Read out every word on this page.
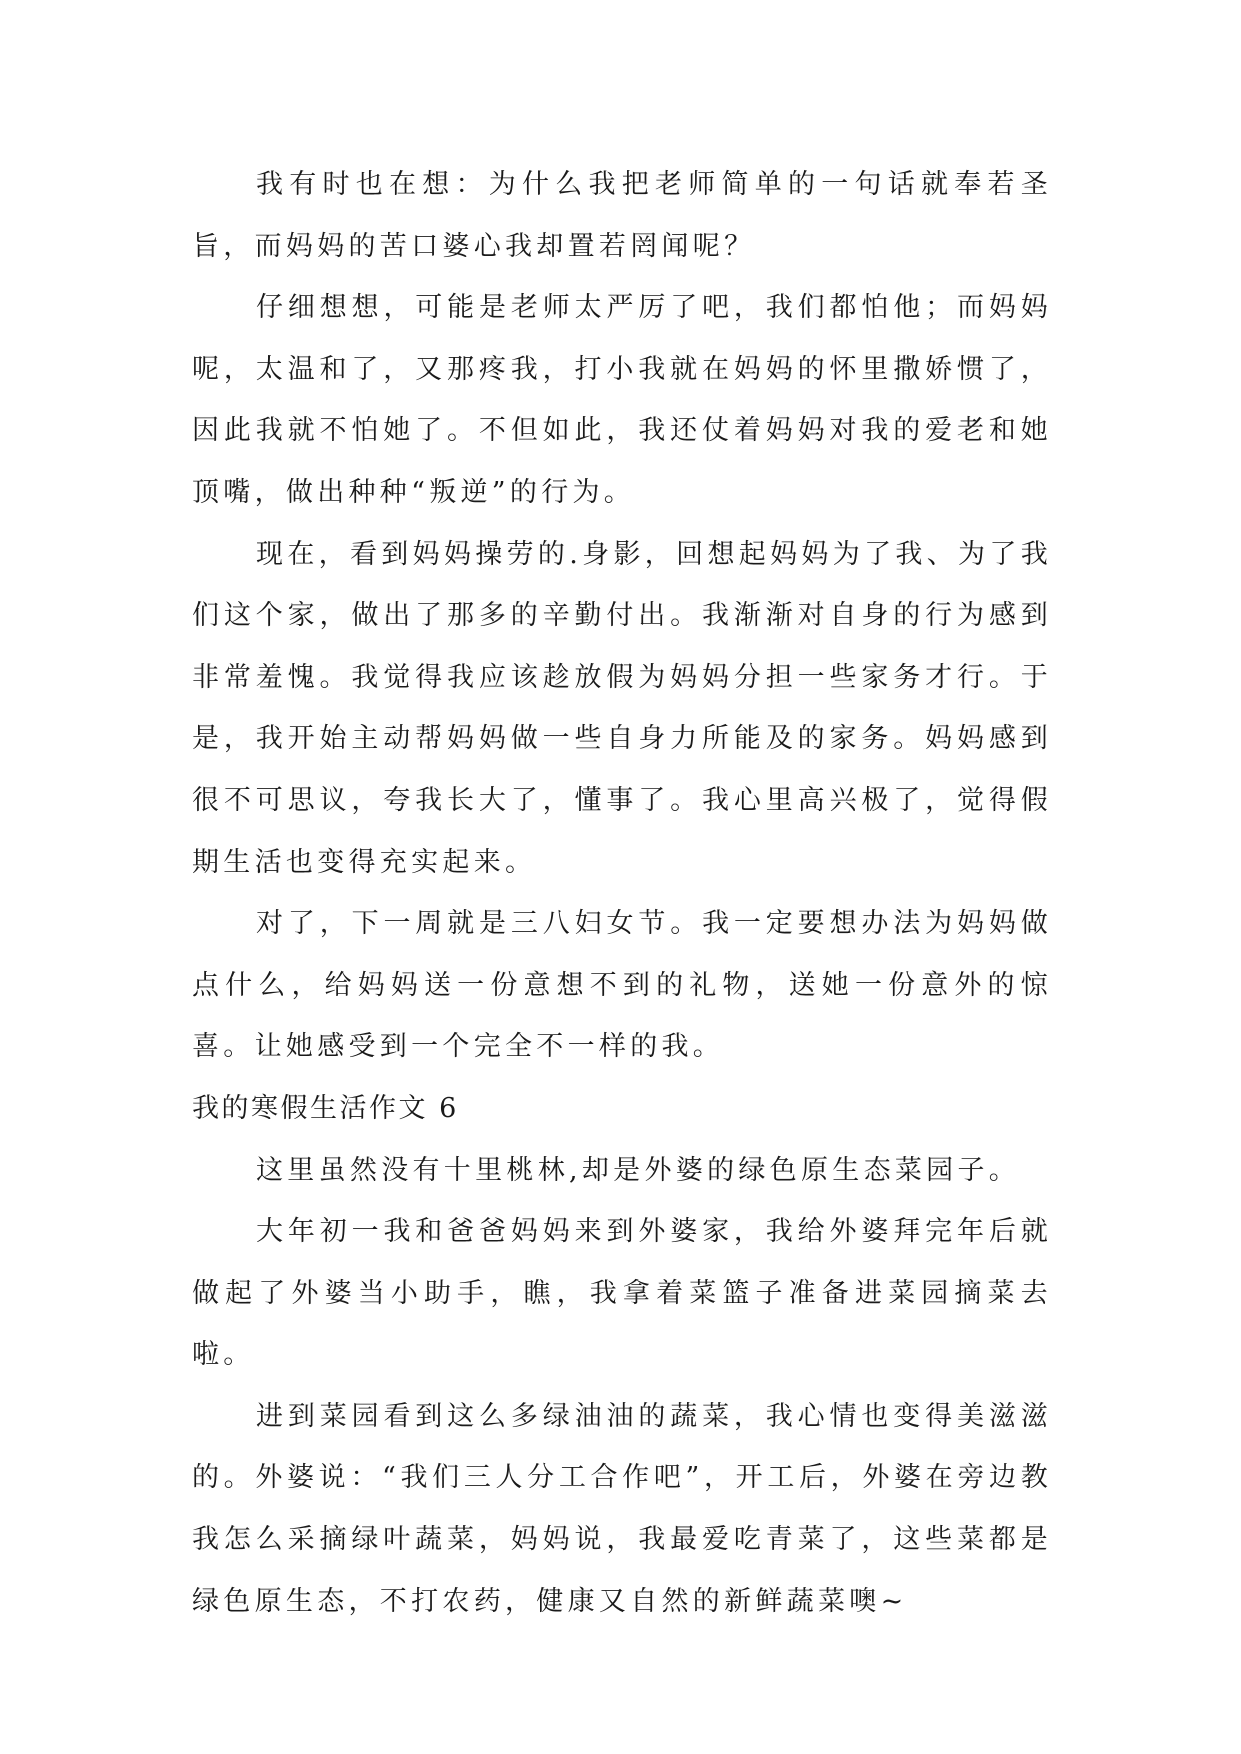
我有时也在想：为什么我把老师简单的一句话就奉若圣旨，而妈妈的苦口婆心我却置若罔闻呢？

仔细想想，可能是老师太严厉了吧，我们都怕他；而妈妈呢，太温和了，又那疼我，打小我就在妈妈的怀里撒娇惯了，因此我就不怕她了。不但如此，我还仗着妈妈对我的爱老和她顶嘴，做出种种“叛逆”的行为。

现在，看到妈妈操劳的.身影，回想起妈妈为了我、为了我们这个家，做出了那多的辛勤付出。我渐渐对自身的行为感到非常羞愧。我觉得我应该趁放假为妈妈分担一些家务才行。于是，我开始主动帮妈妈做一些自身力所能及的家务。妈妈感到很不可思议，夸我长大了，懂事了。我心里高兴极了，觉得假期生活也变得充实起来。

对了，下一周就是三八妇女节。我一定要想办法为妈妈做点什么，给妈妈送一份意想不到的礼物，送她一份意外的惊喜。让她感受到一个完全不一样的我。

我的寒假生活作文 6

这里虽然没有十里桃林,却是外婆的绿色原生态菜园子。

大年初一我和爸爸妈妈来到外婆家，我给外婆拜完年后就做起了外婆当小助手，瞧，我拿着菜篮子准备进菜园摘菜去啦。

进到菜园看到这么多绿油油的蔬菜，我心情也变得美滋滋的。外婆说：“我们三人分工合作吧”，开工后，外婆在旁边教我怎么采摘绿叶蔬菜，妈妈说，我最爱吃青菜了，这些菜都是绿色原生态，不打农药，健康又自然的新鲜蔬菜噢~
